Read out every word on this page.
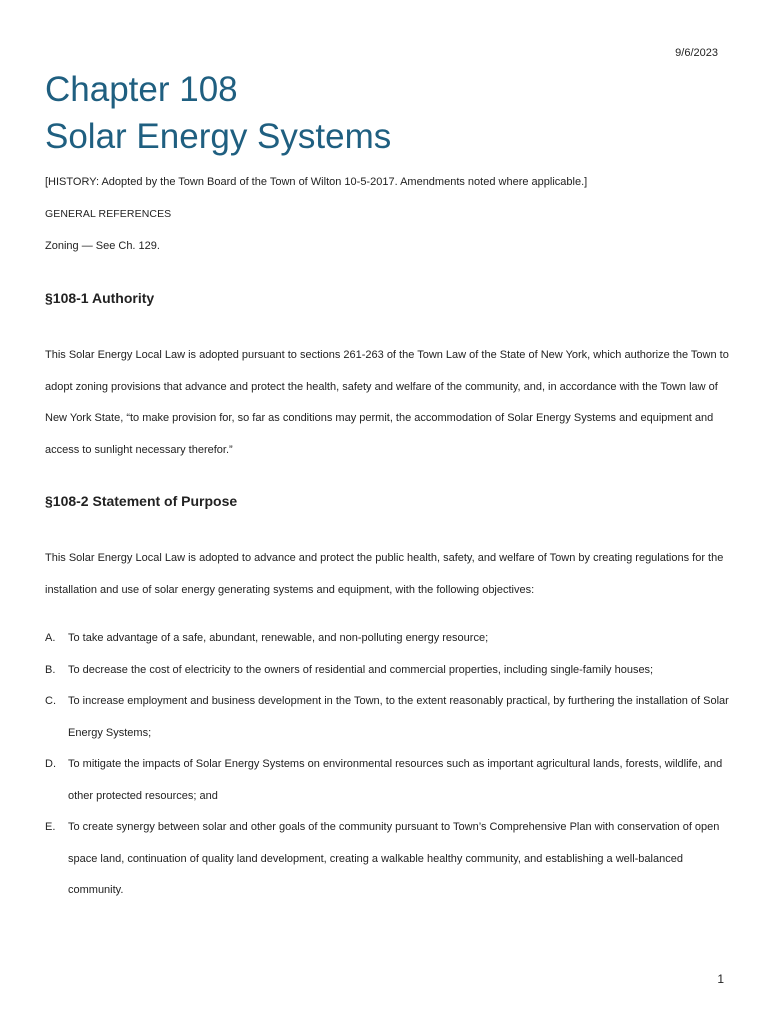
9/6/2023
Chapter 108
Solar Energy Systems
[HISTORY: Adopted by the Town Board of the Town of Wilton 10-5-2017. Amendments noted where applicable.]
GENERAL REFERENCES
Zoning — See Ch. 129.
§108-1 Authority

This Solar Energy Local Law is adopted pursuant to sections 261-263 of the Town Law of the State of New York, which authorize the Town to adopt zoning provisions that advance and protect the health, safety and welfare of the community, and, in accordance with the Town law of New York State, “to make provision for, so far as conditions may permit, the accommodation of Solar Energy Systems and equipment and access to sunlight necessary therefor.”

§108-2 Statement of Purpose

This Solar Energy Local Law is adopted to advance and protect the public health, safety, and welfare of Town by creating regulations for the installation and use of solar energy generating systems and equipment, with the following objectives:

A.	To take advantage of a safe, abundant, renewable, and non-polluting energy resource;
B.	To decrease the cost of electricity to the owners of residential and commercial properties, including single-family houses;
C.	To increase employment and business development in the Town, to the extent reasonably practical, by furthering the installation of Solar Energy Systems;
D.	To mitigate the impacts of Solar Energy Systems on environmental resources such as important agricultural lands, forests, wildlife, and other protected resources; and
E.	To create synergy between solar and other goals of the community pursuant to Town’s Comprehensive Plan with conservation of open space land, continuation of quality land development, creating a walkable healthy community, and establishing a well-balanced community.
1
